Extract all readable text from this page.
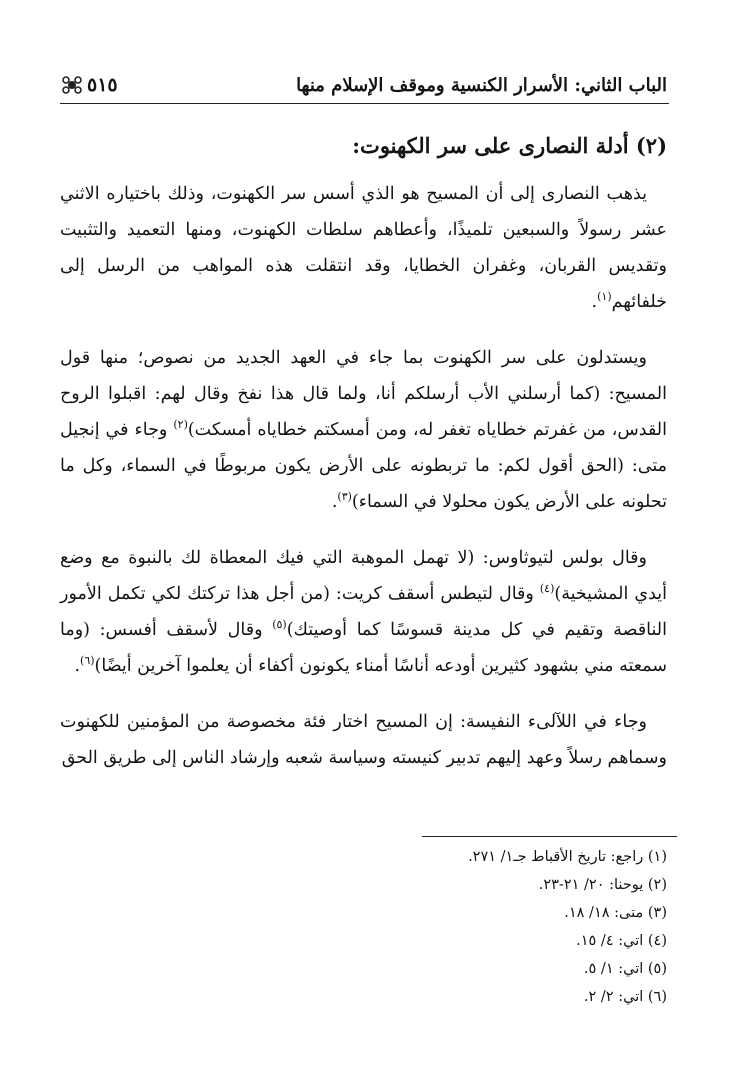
الباب الثاني: الأسرار الكنسية وموقف الإسلام منها
٥١٥
(٢) أدلة النصارى على سر الكهنوت:

يذهب النصارى إلى أن المسيح هو الذي أسس سر الكهنوت، وذلك باختياره الاثني عشر رسولاً والسبعين تلميذًا، وأعطاهم سلطات الكهنوت، ومنها التعميد والتثبيت وتقديس القربان، وغفران الخطايا، وقد انتقلت هذه المواهب من الرسل إلى خلفائهم$^{(١)}$.

ويستدلون على سر الكهنوت بما جاء في العهد الجديد من نصوص؛ منها قول المسيح: (كما أرسلني الأب أرسلكم أنا، ولما قال هذا نفخ وقال لهم: اقبلوا الروح القدس، من غفرتم خطاياه تغفر له، ومن أمسكتم خطاياه أمسكت)$^{(٢)}$ وجاء في إنجيل متى: (الحق أقول لكم: ما تربطونه على الأرض يكون مربوطًا في السماء، وكل ما تحلونه على الأرض يكون محلولا في السماء)$^{(٣)}$.

وقال بولس لتيوثاوس: (لا تهمل الموهبة التي فيك المعطاة لك بالنبوة مع وضع أيدي المشيخية)$^{(٤)}$ وقال لتيطس أسقف كريت: (من أجل هذا تركتك لكي تكمل الأمور الناقصة وتقيم في كل مدينة قسوسًا كما أوصيتك)$^{(٥)}$ وقال لأسقف أفسس: (وما سمعته مني بشهود كثيرين أودعه أناسًا أمناء يكونون أكفاء أن يعلموا آخرين أيضًا)$^{(٦)}$.

وجاء في اللآلىء النفيسة: إن المسيح اختار فئة مخصوصة من المؤمنين للكهنوت وسماهم رسلاً وعهد إليهم تدبير كنيسته وسياسة شعبه وإرشاد الناس إلى طريق الحق

(١) راجع: تاريخ الأقباط جـ١/ ٢٧١.
(٢) يوحنا: ٢٠/ ٢١-٢٣.
(٣) متى: ١٨/ ١٨.
(٤) اتي: ٤/ ١٥.
(٥) اتي: ١/ ٥.
(٦) اتي: ٢/ ٢.
